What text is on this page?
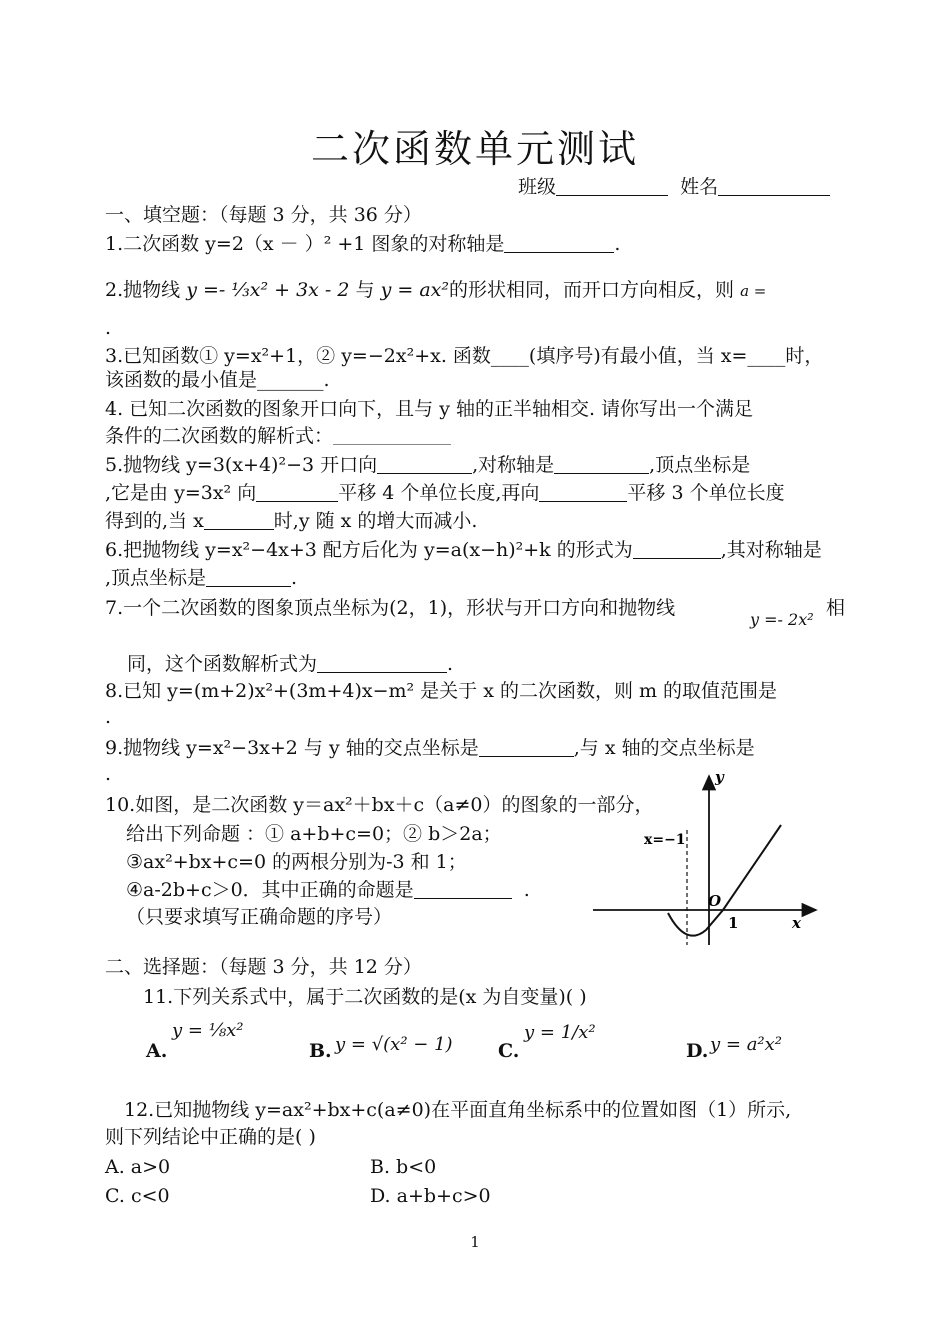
二次函数单元测试
班级	姓名
一、填空题：（每题 3 分，共 36 分）
1.二次函数 y=2（x － ）² +1 图象的对称轴是	.
2.抛物线 y =- ⅓x² + 3x - 2 与 y = ax²的形状相同，而开口方向相反，则 a =
.
3.已知函数① y=x²+1，② y=−2x²+x. 函数____(填序号)有最小值，当 x=____时，
该函数的最小值是_______.
4. 已知二次函数的图象开口向下，且与 y 轴的正半轴相交. 请你写出一个满足
条件的二次函数的解析式：
5.抛物线 y=3(x+4)²−3 开口向	,对称轴是	,顶点坐标是
,它是由 y=3x² 向	平移 4 个单位长度,再向	平移 3 个单位长度
得到的,当 x	时,y 随 x 的增大而减小.
6.把抛物线 y=x²−4x+3 配方后化为 y=a(x−h)²+k 的形式为	,其对称轴是
,顶点坐标是	.
7.一个二次函数的图象顶点坐标为(2，1)，形状与开口方向和抛物线
y =- 2x²
相
同，这个函数解析式为	.
8.已知 y=(m+2)x²+(3m+4)x−m² 是关于 x 的二次函数，则 m 的取值范围是
.
9.抛物线 y=x²−3x+2 与 y 轴的交点坐标是	,与 x 轴的交点坐标是
.
10.如图，是二次函数 y＝ax²＋bx＋c（a≠0）的图象的一部分，
给出下列命题 ：① a+b+c=0；② b＞2a；
③ax²+bx+c=0 的两根分别为-3 和 1；
④a-2b+c＞0．其中正确的命题是	.
（只要求填写正确命题的序号）
y
x
O
1
x=−1
二、选择题：（每题 3 分，共 12 分）
11.下列关系式中，属于二次函数的是(x 为自变量)( )
A.
y = ⅛x²
B. y = √(x² − 1) C.
y = 1/x²
D. y = a²x²
12.已知抛物线 y=ax²+bx+c(a≠0)在平面直角坐标系中的位置如图（1）所示,
则下列结论中正确的是( )
A. a>0	B. b<0
C. c<0	D. a+b+c>0
1
